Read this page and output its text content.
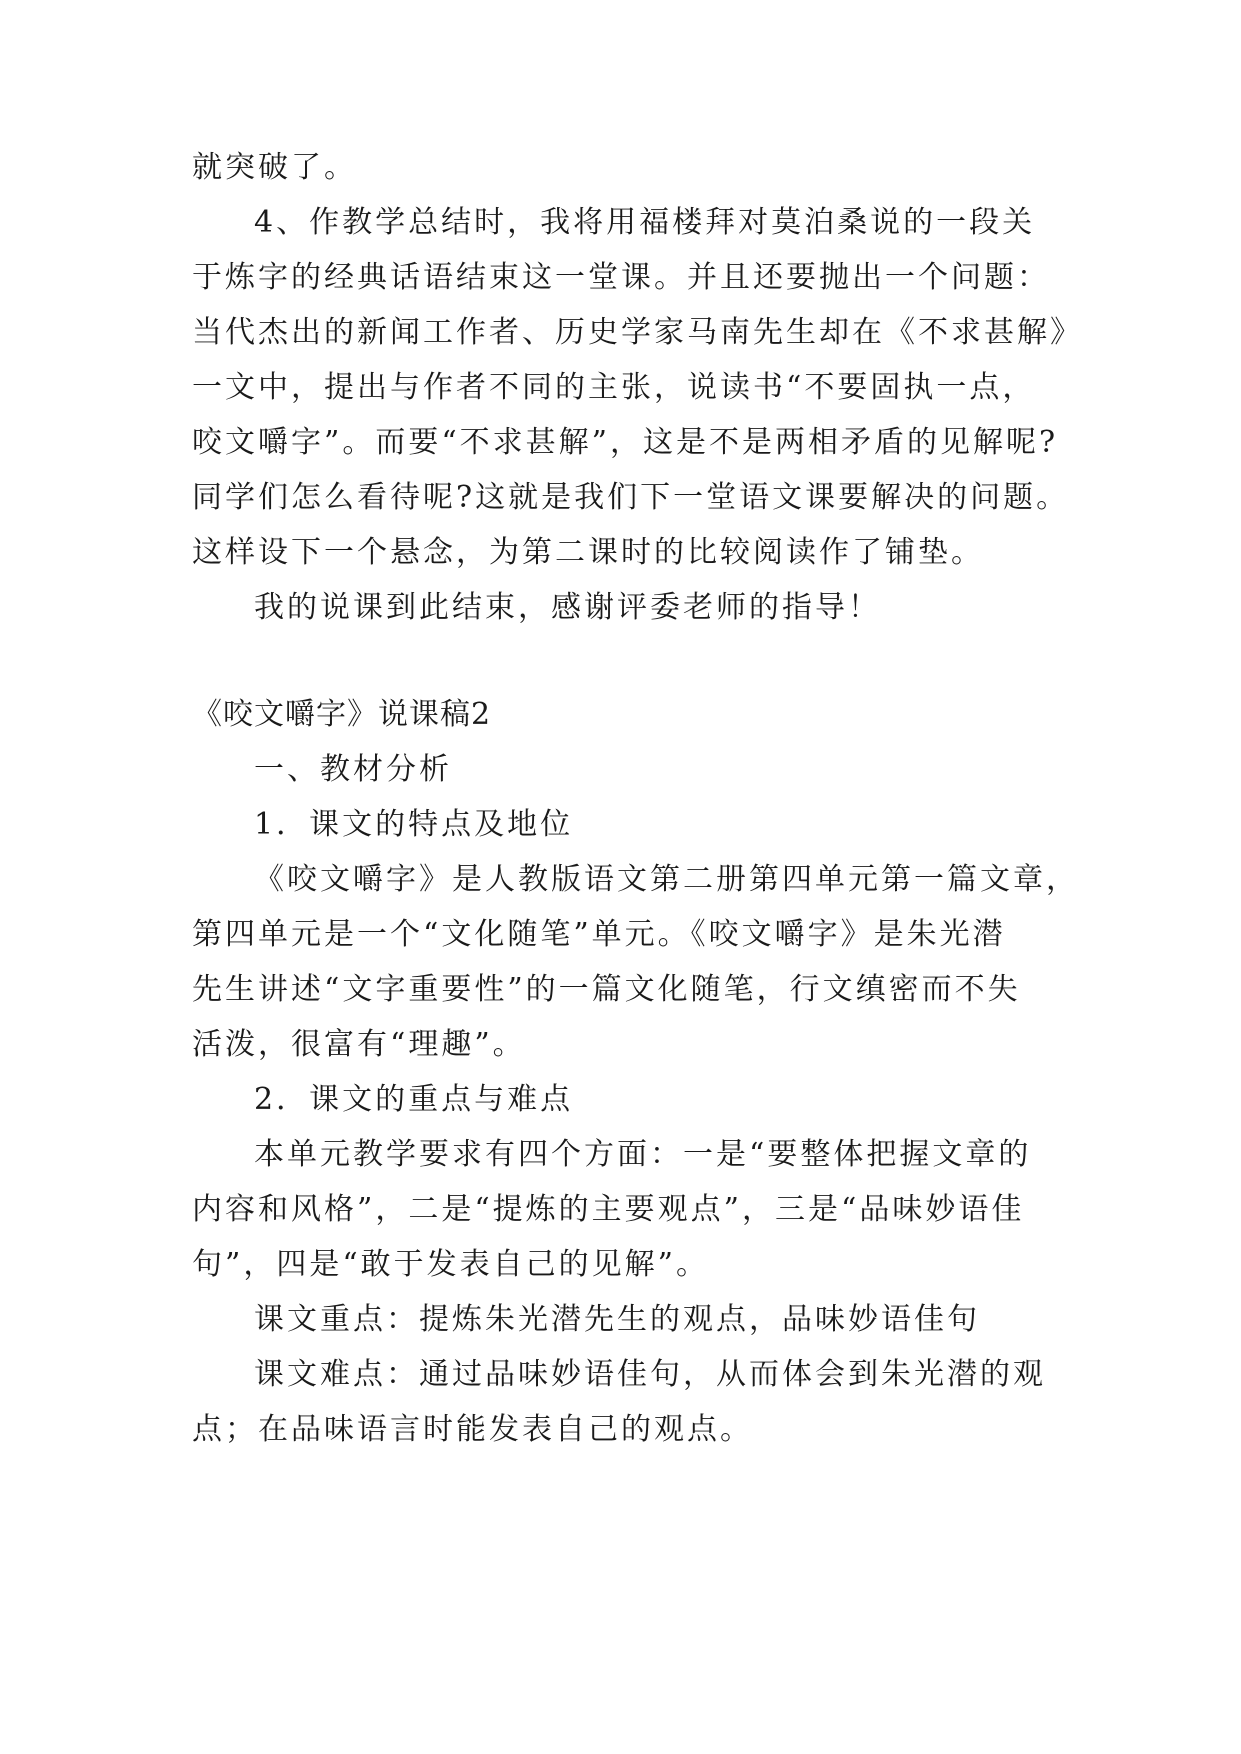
就突破了。
4、作教学总结时，我将用福楼拜对莫泊桑说的一段关
于炼字的经典话语结束这一堂课。并且还要抛出一个问题：
当代杰出的新闻工作者、历史学家马南先生却在《不求甚解》
一文中，提出与作者不同的主张，说读书“不要固执一点，
咬文嚼字”。而要“不求甚解”，这是不是两相矛盾的见解呢?
同学们怎么看待呢?这就是我们下一堂语文课要解决的问题。
这样设下一个悬念，为第二课时的比较阅读作了铺垫。
我的说课到此结束，感谢评委老师的指导！
《咬文嚼字》说课稿2
一、教材分析
1．课文的特点及地位
《咬文嚼字》是人教版语文第二册第四单元第一篇文章，
第四单元是一个“文化随笔”单元。《咬文嚼字》是朱光潜
先生讲述“文字重要性”的一篇文化随笔，行文缜密而不失
活泼，很富有“理趣”。
2．课文的重点与难点
本单元教学要求有四个方面：一是“要整体把握文章的
内容和风格”，二是“提炼的主要观点”，三是“品味妙语佳
句”，四是“敢于发表自己的见解”。
课文重点：提炼朱光潜先生的观点，品味妙语佳句
课文难点：通过品味妙语佳句，从而体会到朱光潜的观
点；在品味语言时能发表自己的观点。
